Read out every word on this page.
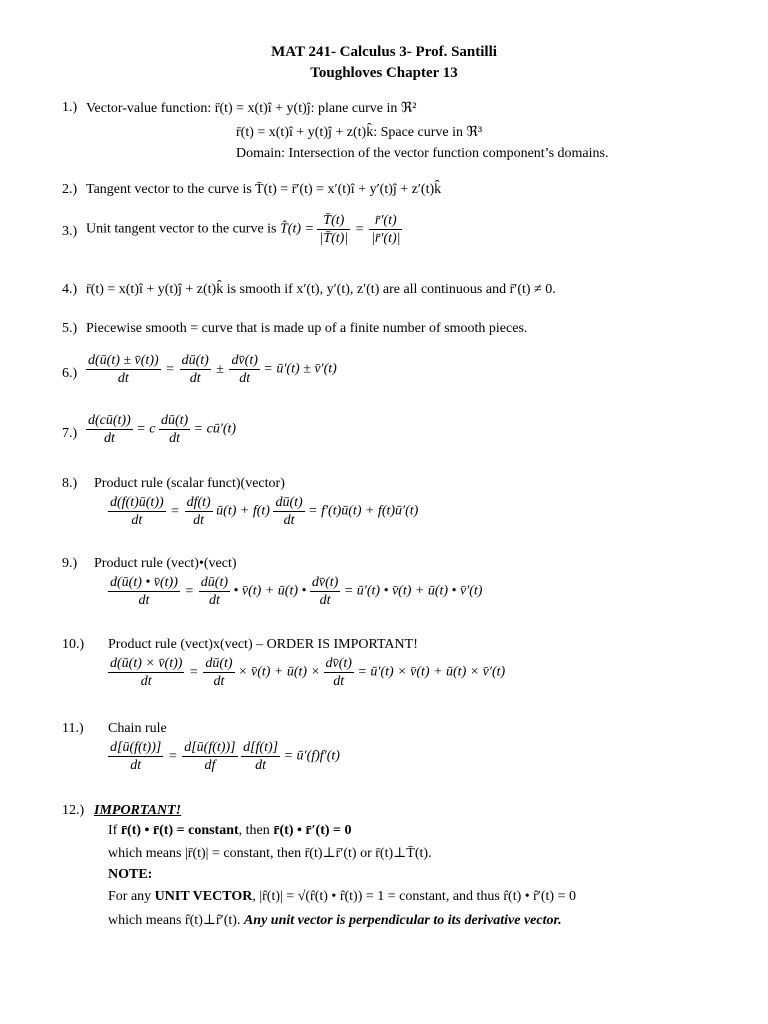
MAT 241- Calculus 3- Prof. Santilli
Toughloves Chapter 13
1.) Vector-value function: r̄(t) = x(t)î + y(t)ĵ: plane curve in ℜ²
r̄(t) = x(t)î + y(t)ĵ + z(t)k̂: Space curve in ℜ³
Domain: Intersection of the vector function component’s domains.
2.) Tangent vector to the curve is T̄(t) = r̄′(t) = x′(t)î + y′(t)ĵ + z′(t)k̂
3.) Unit tangent vector to the curve is T̂(t) = $\frac{T̄(t)}{|T̄(t)|} = \frac{r̄'(t)}{|r̄'(t)|}$
4.) r̄(t) = x(t)î + y(t)ĵ + z(t)k̂ is smooth if x′(t), y′(t), z′(t) are all continuous and r̄′(t) ≠ 0.
5.) Piecewise smooth = curve that is made up of a finite number of smooth pieces.
$6.) \frac{d(ū(t) \pm v̄(t))}{dt} = \frac{dū(t)}{dt} \pm \frac{dv̄(t)}{dt}$ = ū′(t) ± v̄′(t)
$7.) \frac{d(cū(t))}{dt} = c \frac{dū(t)}{dt}$ = cū′(t)
8.) Product rule (scalar funct)(vector)
$\frac{d(f(t)ū(t))}{dt} = \frac{df(t)}{dt}$ ū(t) + $f(t) \frac{dū(t)}{dt}$ = f′(t)ū(t) + f(t)ū′(t)
9.) Product rule (vect)•(vect)
$\frac{d(ū(t) • v̄(t))}{dt} = \frac{dū(t)}{dt}$ • v̄(t) + ū(t) • $\frac{dv̄(t)}{dt}$ = ū′(t) • v̄(t) + ū(t) • v̄′(t)
10.) Product rule (vect)x(vect) – ORDER IS IMPORTANT!
$\frac{d(ū(t) \times v̄(t))}{dt} = \frac{dū(t)}{dt}$ × v̄(t) + ū(t) × $\frac{dv̄(t)}{dt}$ = ū′(t) × v̄(t) + ū(t) × v̄′(t)
11.) Chain rule
$\frac{d[ū(f(t))]}{dt} = \frac{d[ū(f(t))]}{df}$
$\frac{d[f(t)]}{dt}$ = ū′(f)f′(t)
12.) IMPORTANT!
If r̄(t) • r̄(t) = constant, then r̄(t) • r̄′(t) = 0
which means |r̄(t)| = constant, then r̄(t)⊥r̄′(t) or r̄(t)⊥T̄(t).
NOTE:
For any UNIT VECTOR, |r̂(t)| = √(r̂(t) • r̂(t)) = 1 = constant, and thus r̂(t) • r̂′(t) = 0
which means r̂(t)⊥r̂′(t). Any unit vector is perpendicular to its derivative vector.
